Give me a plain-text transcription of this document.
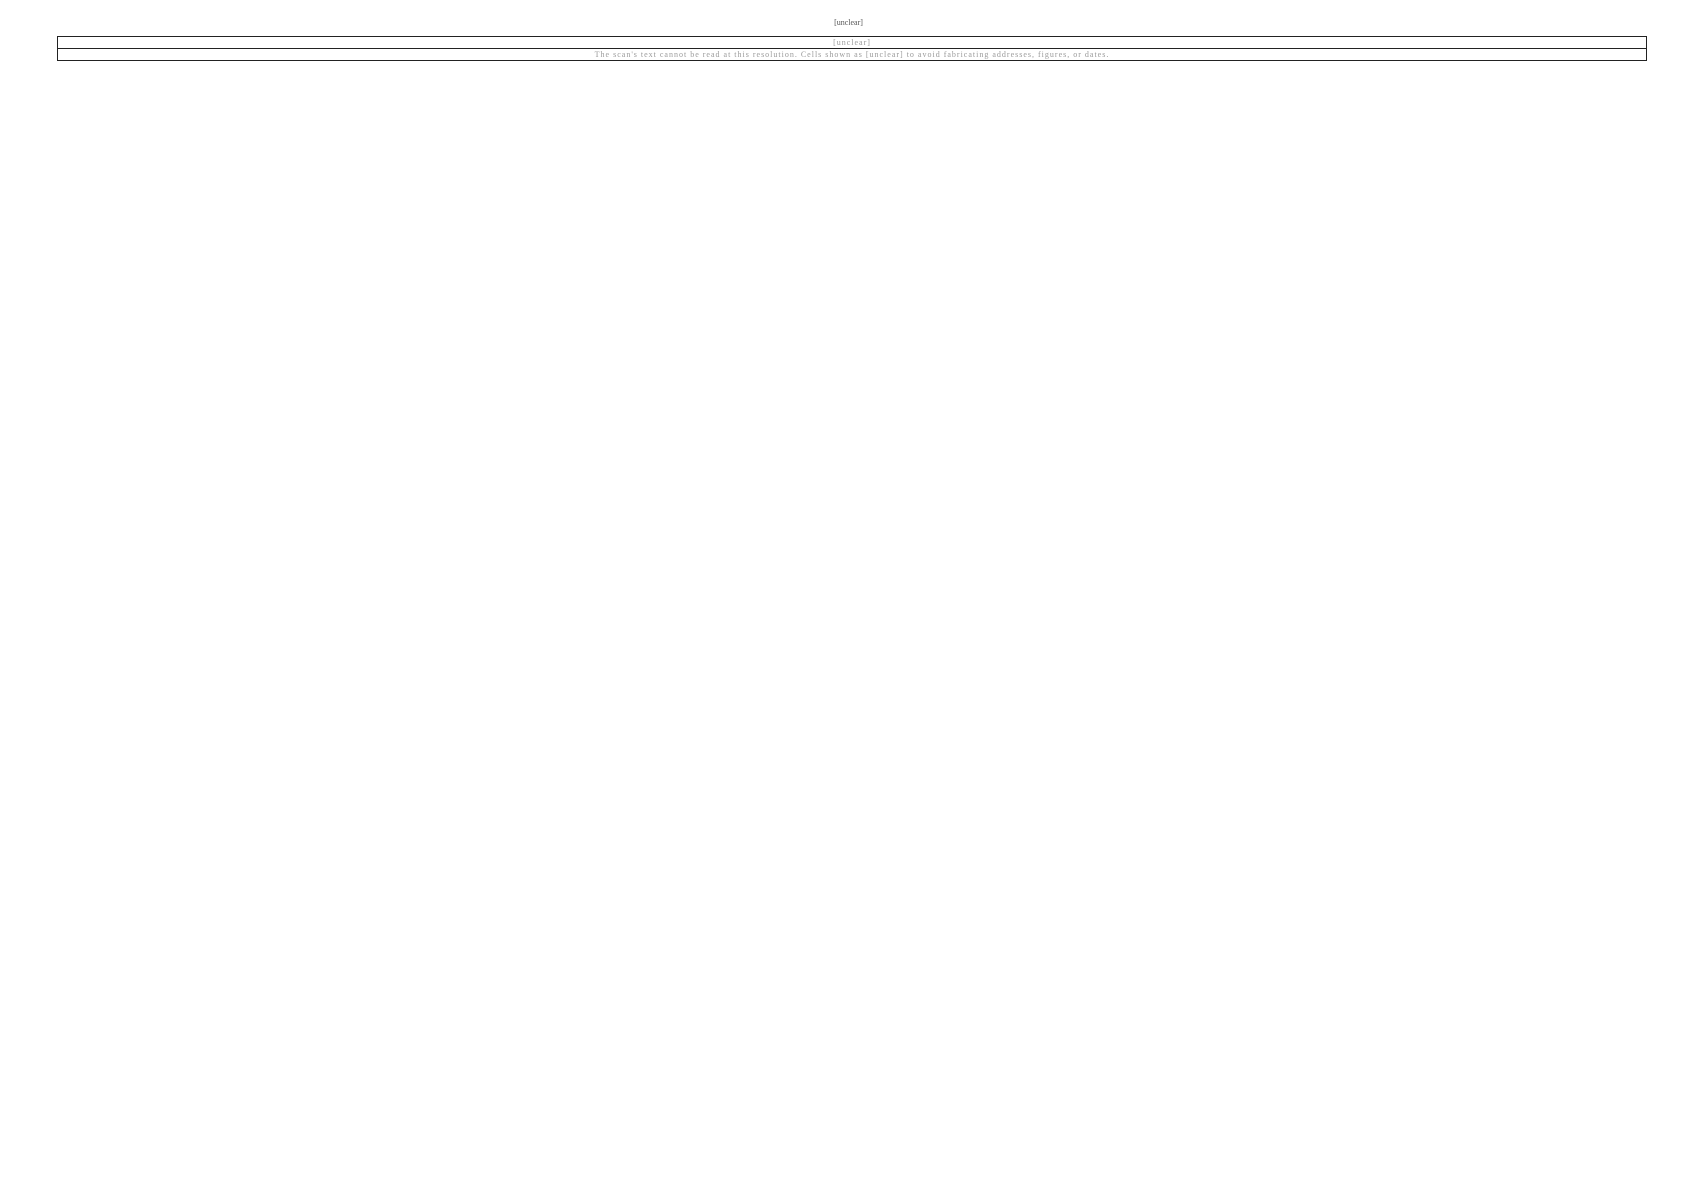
[unclear]
[unclear]
The scan's text cannot be read at this resolution. Cells shown as [unclear] to avoid fabricating addresses, figures, or dates.
